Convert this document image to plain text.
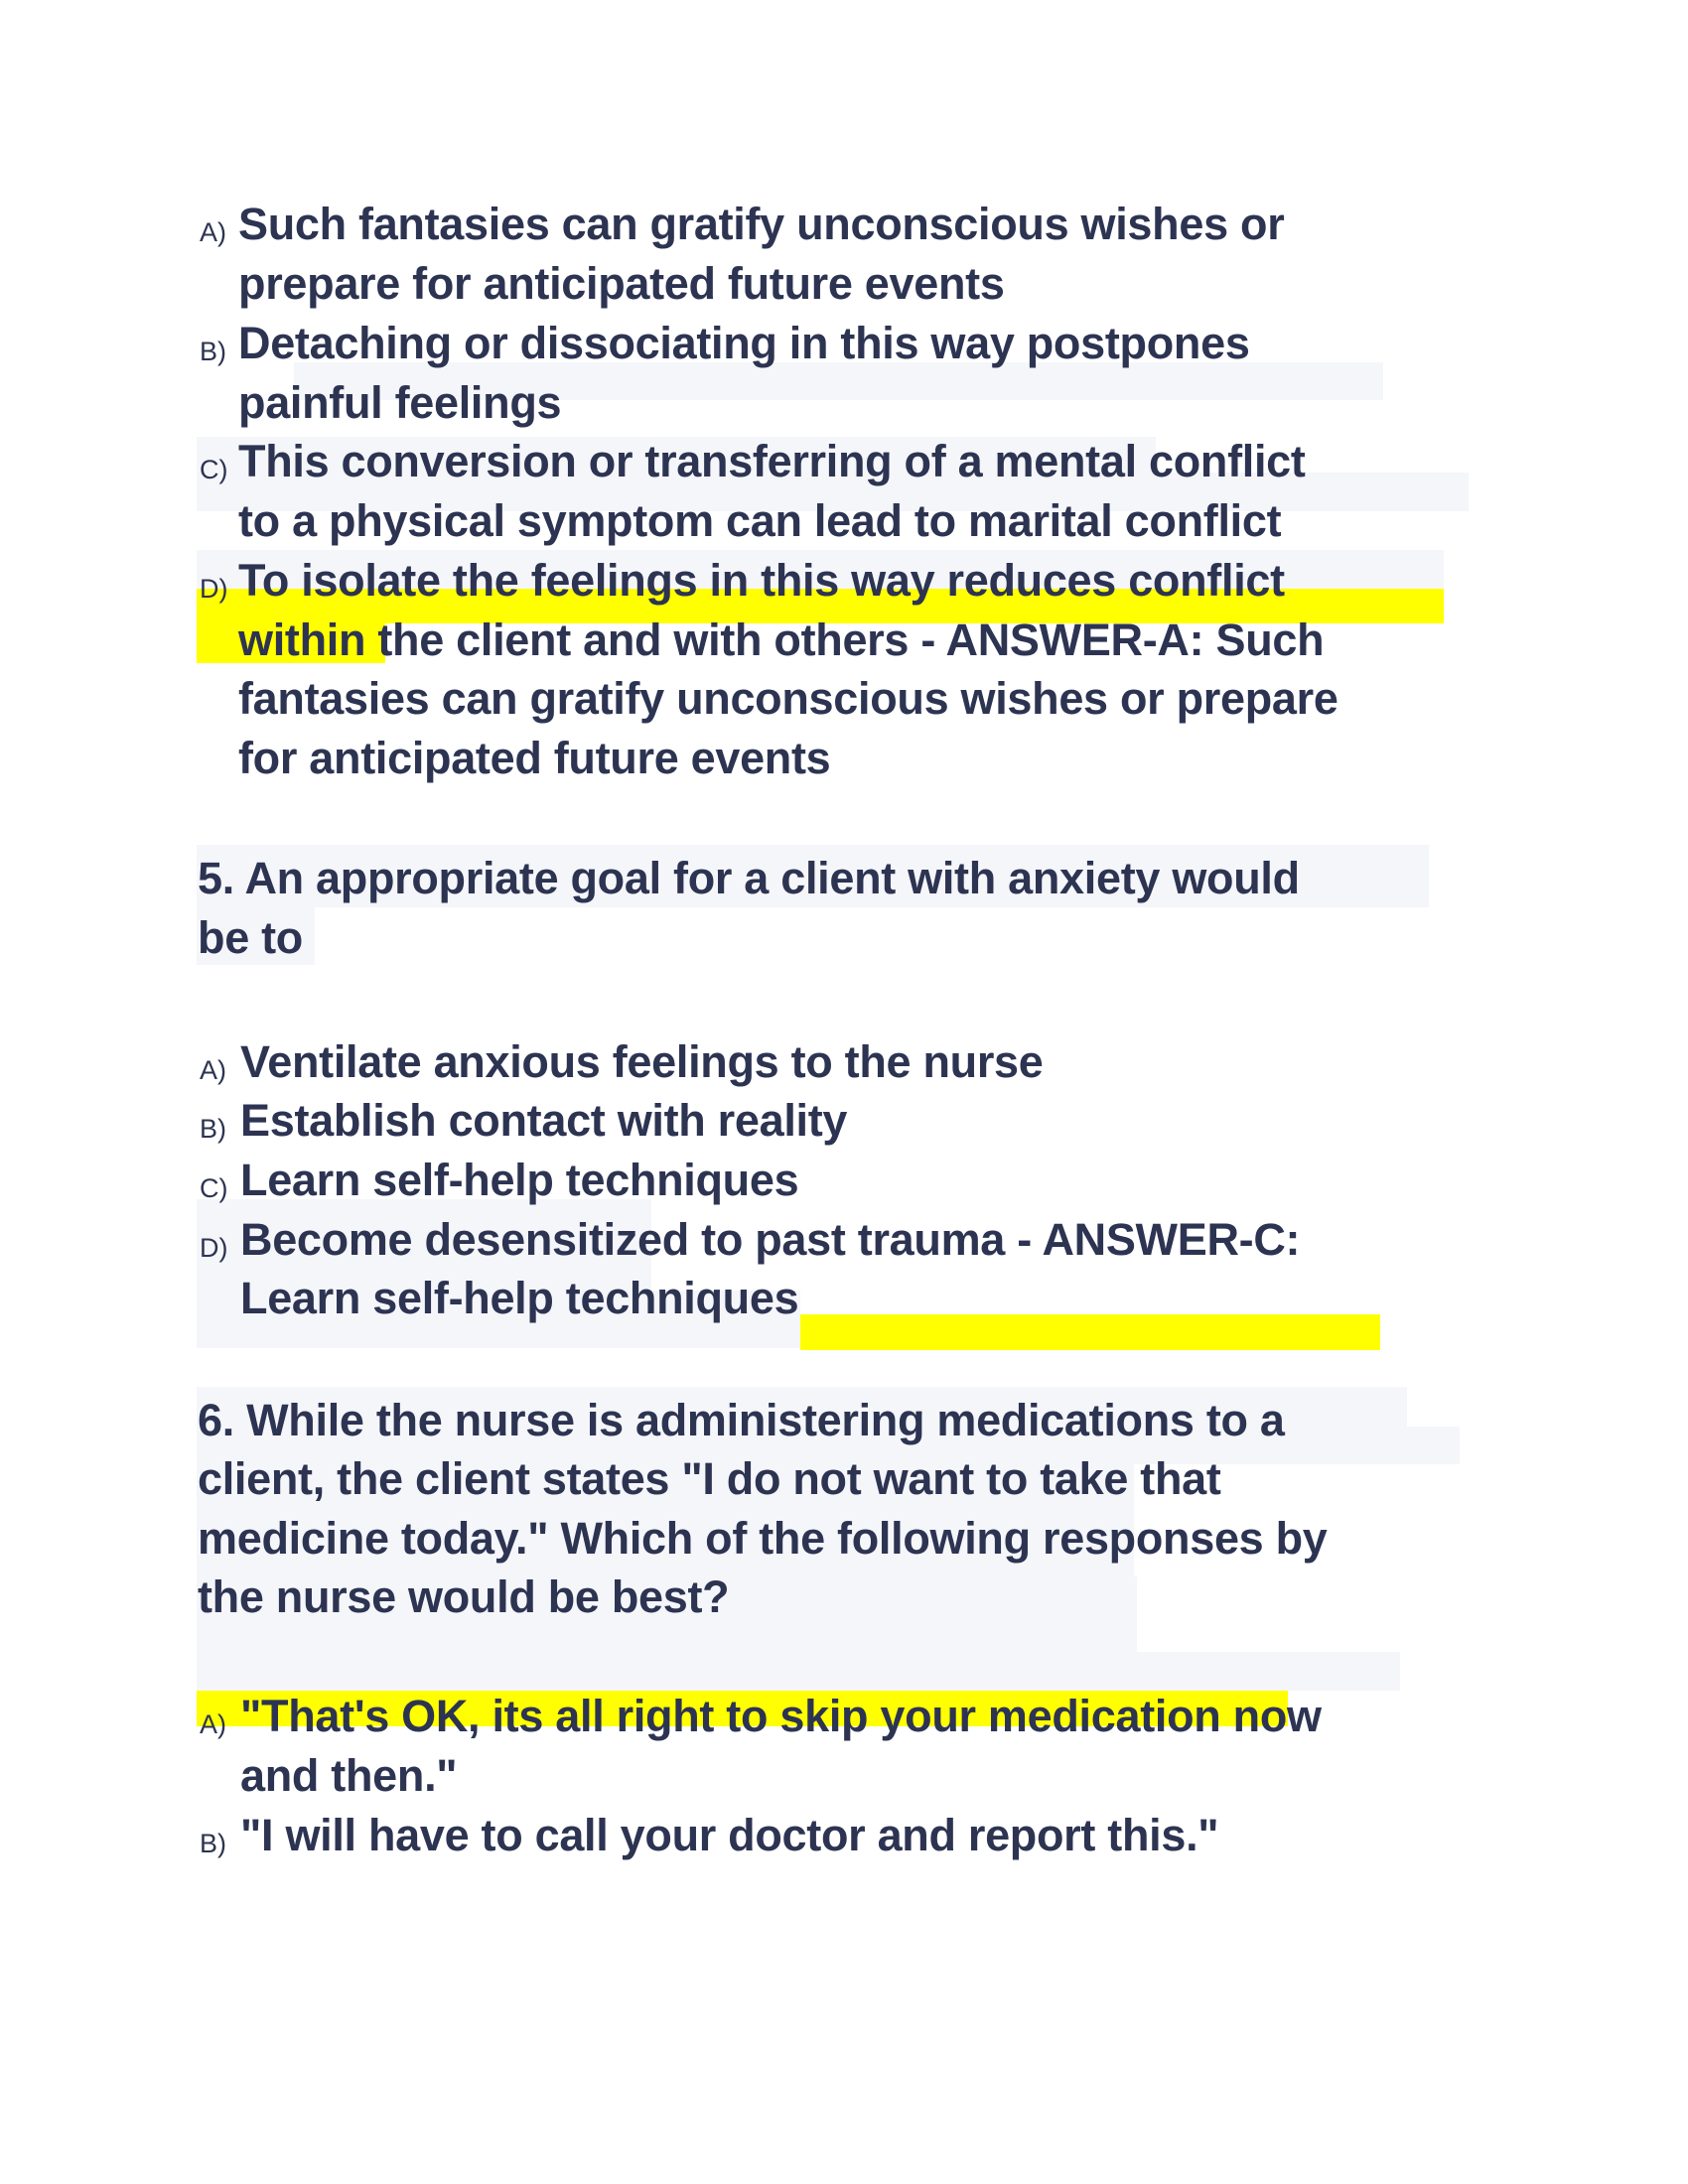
A) Such fantasies can gratify unconscious wishes or
prepare for anticipated future events
B) Detaching or dissociating in this way postpones
painful feelings
C) This conversion or transferring of a mental conflict
to a physical symptom can lead to marital conflict
D) To isolate the feelings in this way reduces conflict
within the client and with others - ANSWER-A: Such
fantasies can gratify unconscious wishes or prepare
for anticipated future events
5. An appropriate goal for a client with anxiety would
be to
A) Ventilate anxious feelings to the nurse
B) Establish contact with reality
C) Learn self-help techniques
D) Become desensitized to past trauma - ANSWER-C:
Learn self-help techniques
6. While the nurse is administering medications to a
client, the client states "I do not want to take that
medicine today." Which of the following responses by
the nurse would be best?
A) "That's OK, its all right to skip your medication now
and then."
B) "I will have to call your doctor and report this."
